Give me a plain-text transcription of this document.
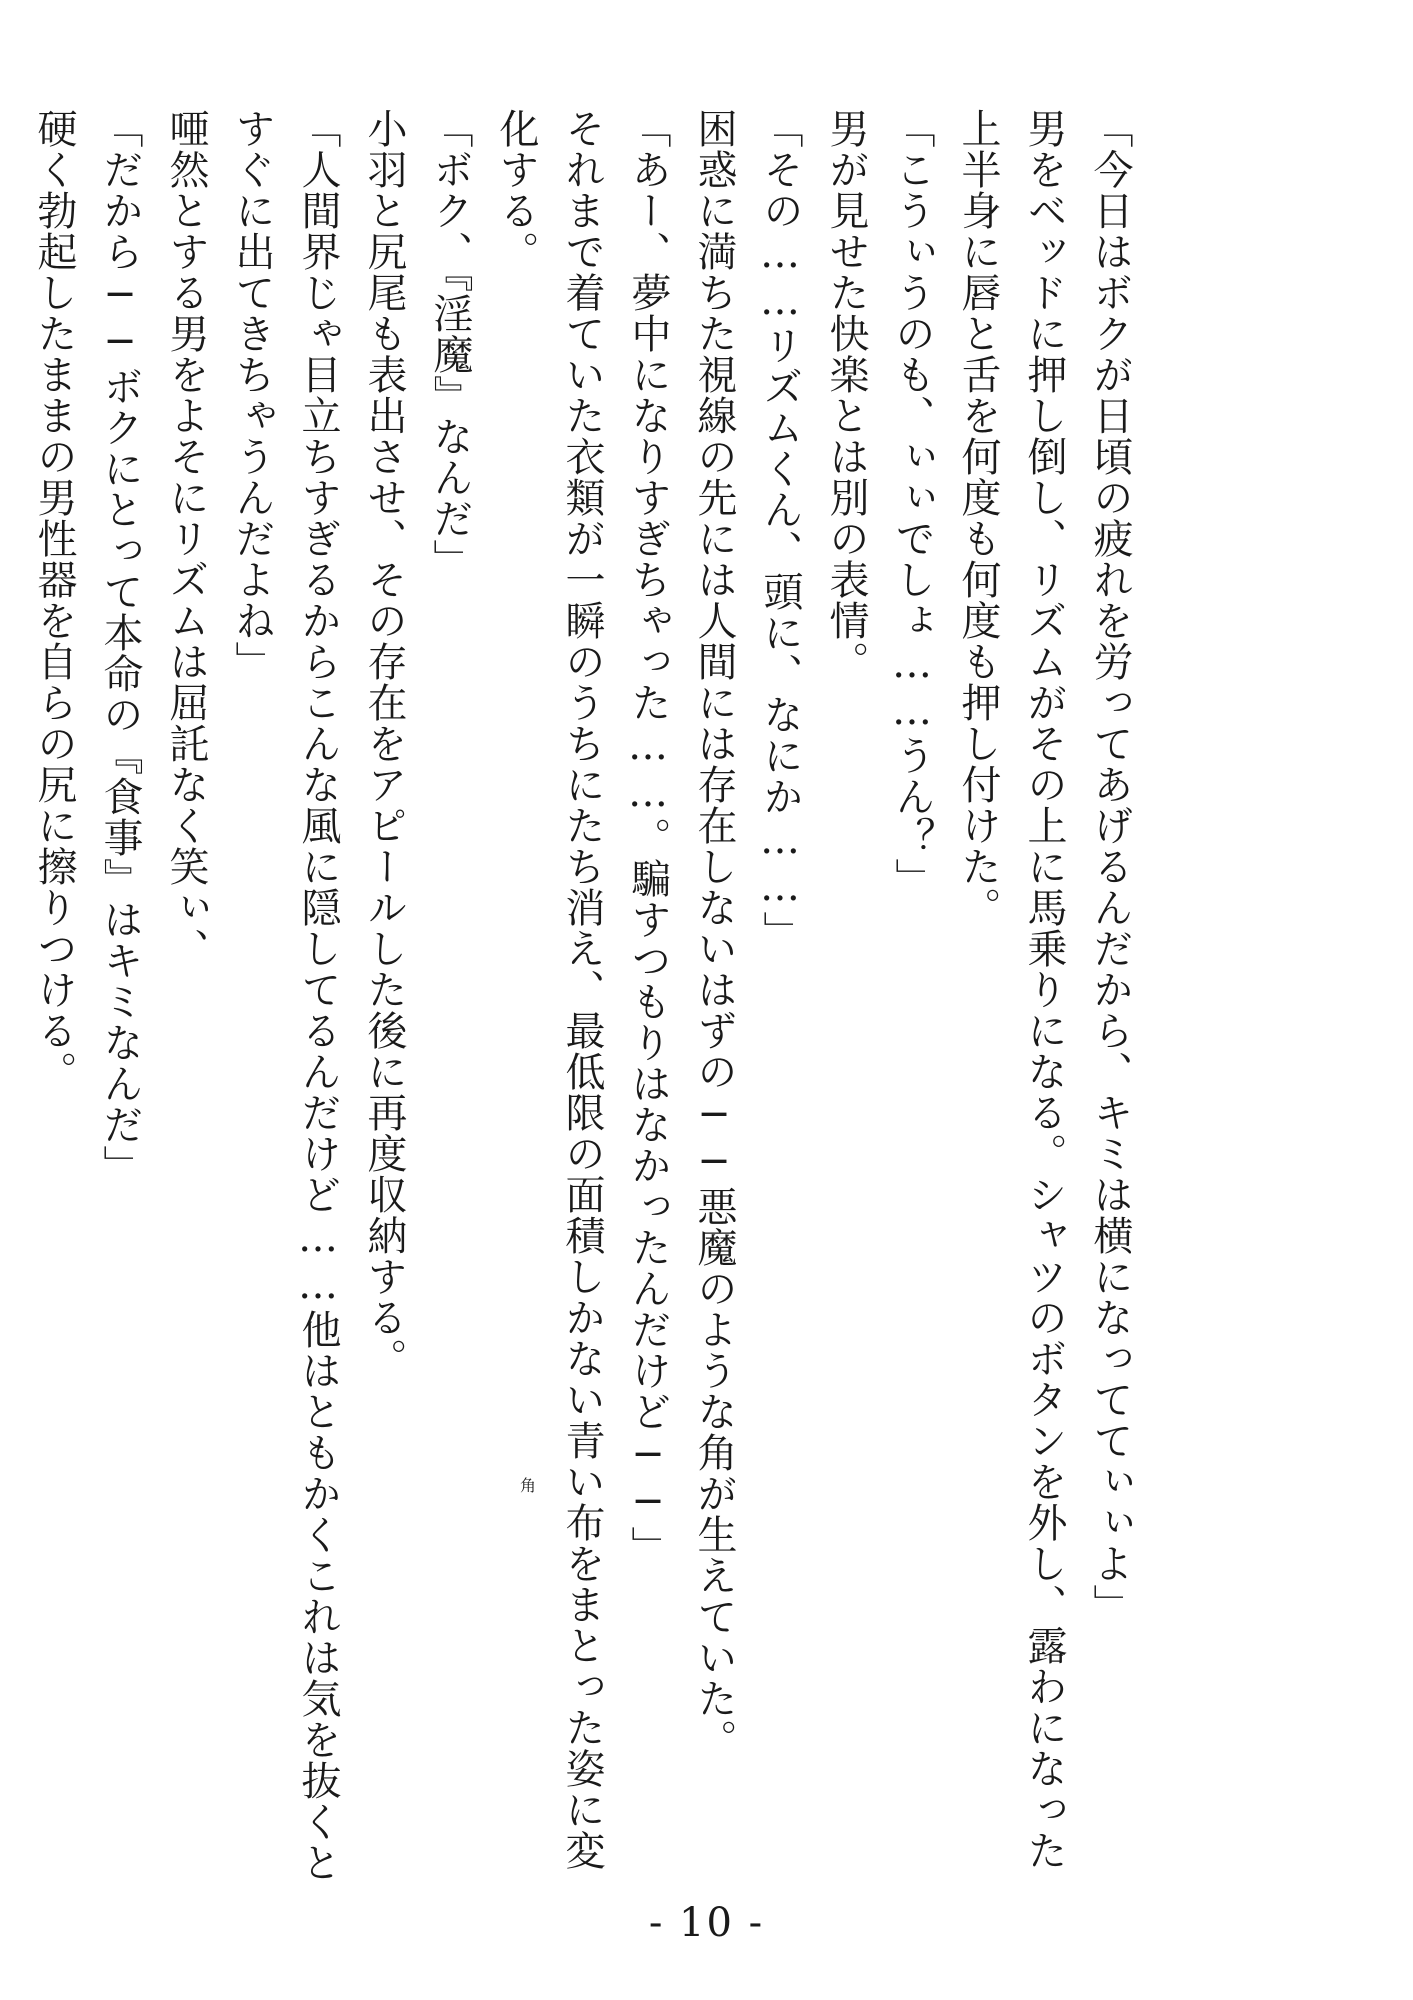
「今日はボクが日頃の疲れを労ってあげるんだから、キミは横になっててぃぃよ」
男をベッドに押し倒し、リズムがその上に馬乗りになる。シャツのボタンを外し、露わになった
上半身に唇と舌を何度も何度も押し付けた。
「こうぃうのも、ぃぃでしょ……うん？」
男が見せた快楽とは別の表情。
「その……リズムくん、頭に、なにか……」
困惑に満ちた視線の先には人間には存在しないはずの──悪魔のような角が生えていた。
「あー、夢中になりすぎちゃった……。騙すつもりはなかったんだけど──」
それまで着ていた衣類が一瞬のうちにたち消え、最低限の面積しかない青い布をまとった姿に変
化する。
「ボク、『淫魔』なんだ」
小羽と尻尾も表出させ、その存在をアピールした後に再度収納する。
「人間界じゃ目立ちすぎるからこんな風に隠してるんだけど……他はともかくこれは気を抜くと
すぐに出てきちゃうんだよね」
唖然とする男をよそにリズムは屈託なく笑ぃ、
「だから──ボクにとって本命の『食事』はキミなんだ」
硬く勃起したままの男性器を自らの尻に擦りつける。
角
- 10 -
